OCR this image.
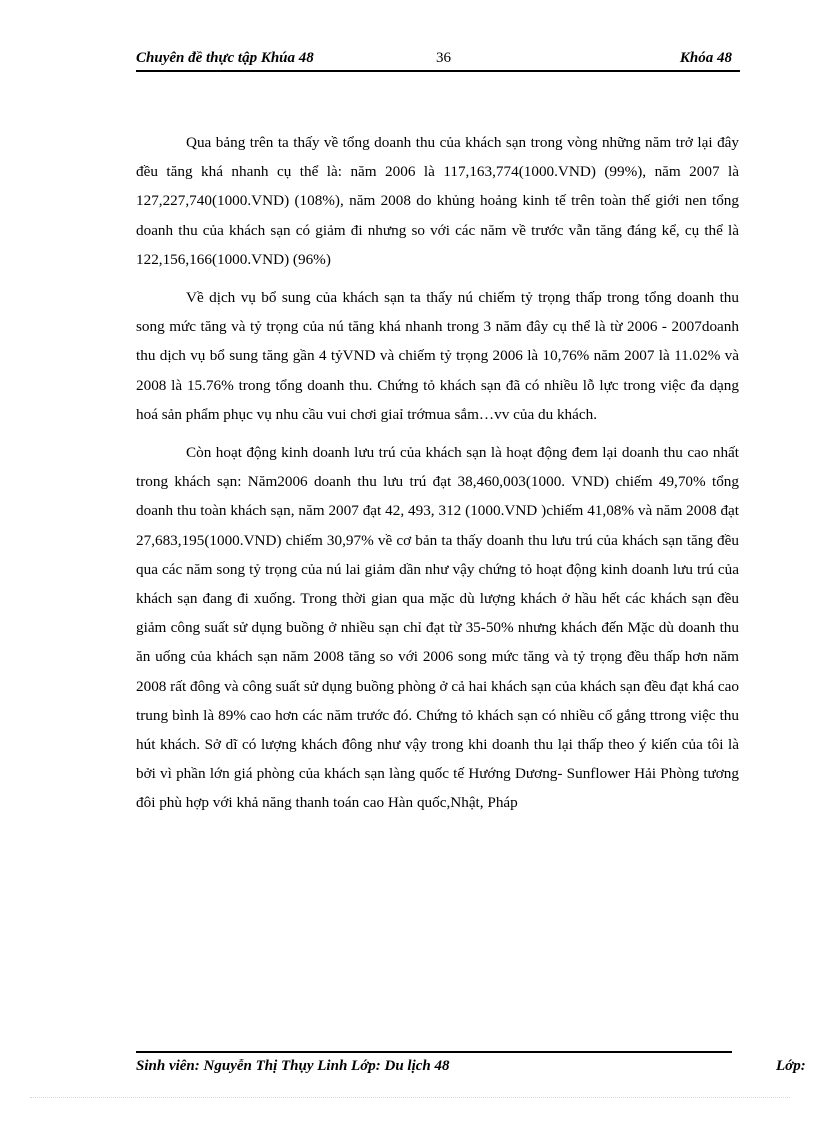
Chuyên đề thực tập Khúa 48	36	Khóa 48

Qua bảng trên ta thấy về tổng doanh thu của khách sạn trong vòng những năm trở lại đây đều tăng khá nhanh cụ thể là: năm 2006 là 117,163,774(1000.VND) (99%), năm 2007 là 127,227,740(1000.VND) (108%), năm 2008 do khủng hoảng kinh tế trên toàn thế giới nen tổng doanh thu của khách sạn có giảm đi nhưng so với các năm về trước vẫn tăng đáng kể, cụ thể là 122,156,166(1000.VND) (96%)

Về dịch vụ bổ sung của khách sạn ta thấy nú chiếm tỷ trọng thấp trong tổng doanh thu song mức tăng và tỷ trọng của nú tăng khá nhanh trong 3 năm đây cụ thể là từ 2006 - 2007doanh thu dịch vụ bổ sung tăng gần 4 tỷVND và chiếm tỷ trọng 2006 là 10,76% năm 2007 là 11.02% và 2008 là 15.76% trong tổng doanh thu. Chứng tỏ khách sạn đã có nhiều lỗ lực trong việc đa dạng hoá sản phẩm phục vụ nhu cầu vui chơi giaỉ trớmua sắm…vv của du khách.

Còn hoạt động kinh doanh lưu trú của khách sạn là hoạt động đem lại doanh thu cao nhất trong khách sạn: Năm2006 doanh thu lưu trú đạt 38,460,003(1000. VND) chiếm 49,70% tổng doanh thu toàn khách sạn, năm 2007 đạt 42, 493, 312 (1000.VND )chiếm 41,08% và năm 2008 đạt 27,683,195(1000.VND) chiếm 30,97% về cơ bản ta thấy doanh thu lưu trú của khách sạn tăng đều qua các năm song tỷ trọng của nú lai giảm dần như vậy chứng tỏ hoạt động kinh doanh lưu trú của khách sạn đang đi xuống. Trong thời gian qua mặc dù lượng khách ở hầu hết các khách sạn đều giảm công suất sử dụng buồng ở nhiều sạn chỉ đạt từ 35-50% nhưng khách đến Mặc dù doanh thu ăn uống của khách sạn năm 2008 tăng so với 2006 song mức tăng và tỷ trọng đều thấp hơn năm 2008 rất đông và công suất sử dụng buồng phòng ở cả hai khách sạn của khách sạn đều đạt khá cao trung bình là 89% cao hơn các năm trước đó. Chứng tỏ khách sạn có nhiều cố gắng ttrong việc thu hút khách. Sở dĩ có lượng khách đông như vậy trong khi doanh thu lại thấp theo ý kiến của tôi là bởi vì phần lớn giá phòng của khách sạn làng quốc tế Hướng Dương- Sunflower Hải Phòng tương đôi phù hợp với khả năng thanh toán cao Hàn quốc,Nhật, Pháp

Sinh viên: Nguyễn Thị Thụy Linh Lớp: Du lịch 48	Lớp:
